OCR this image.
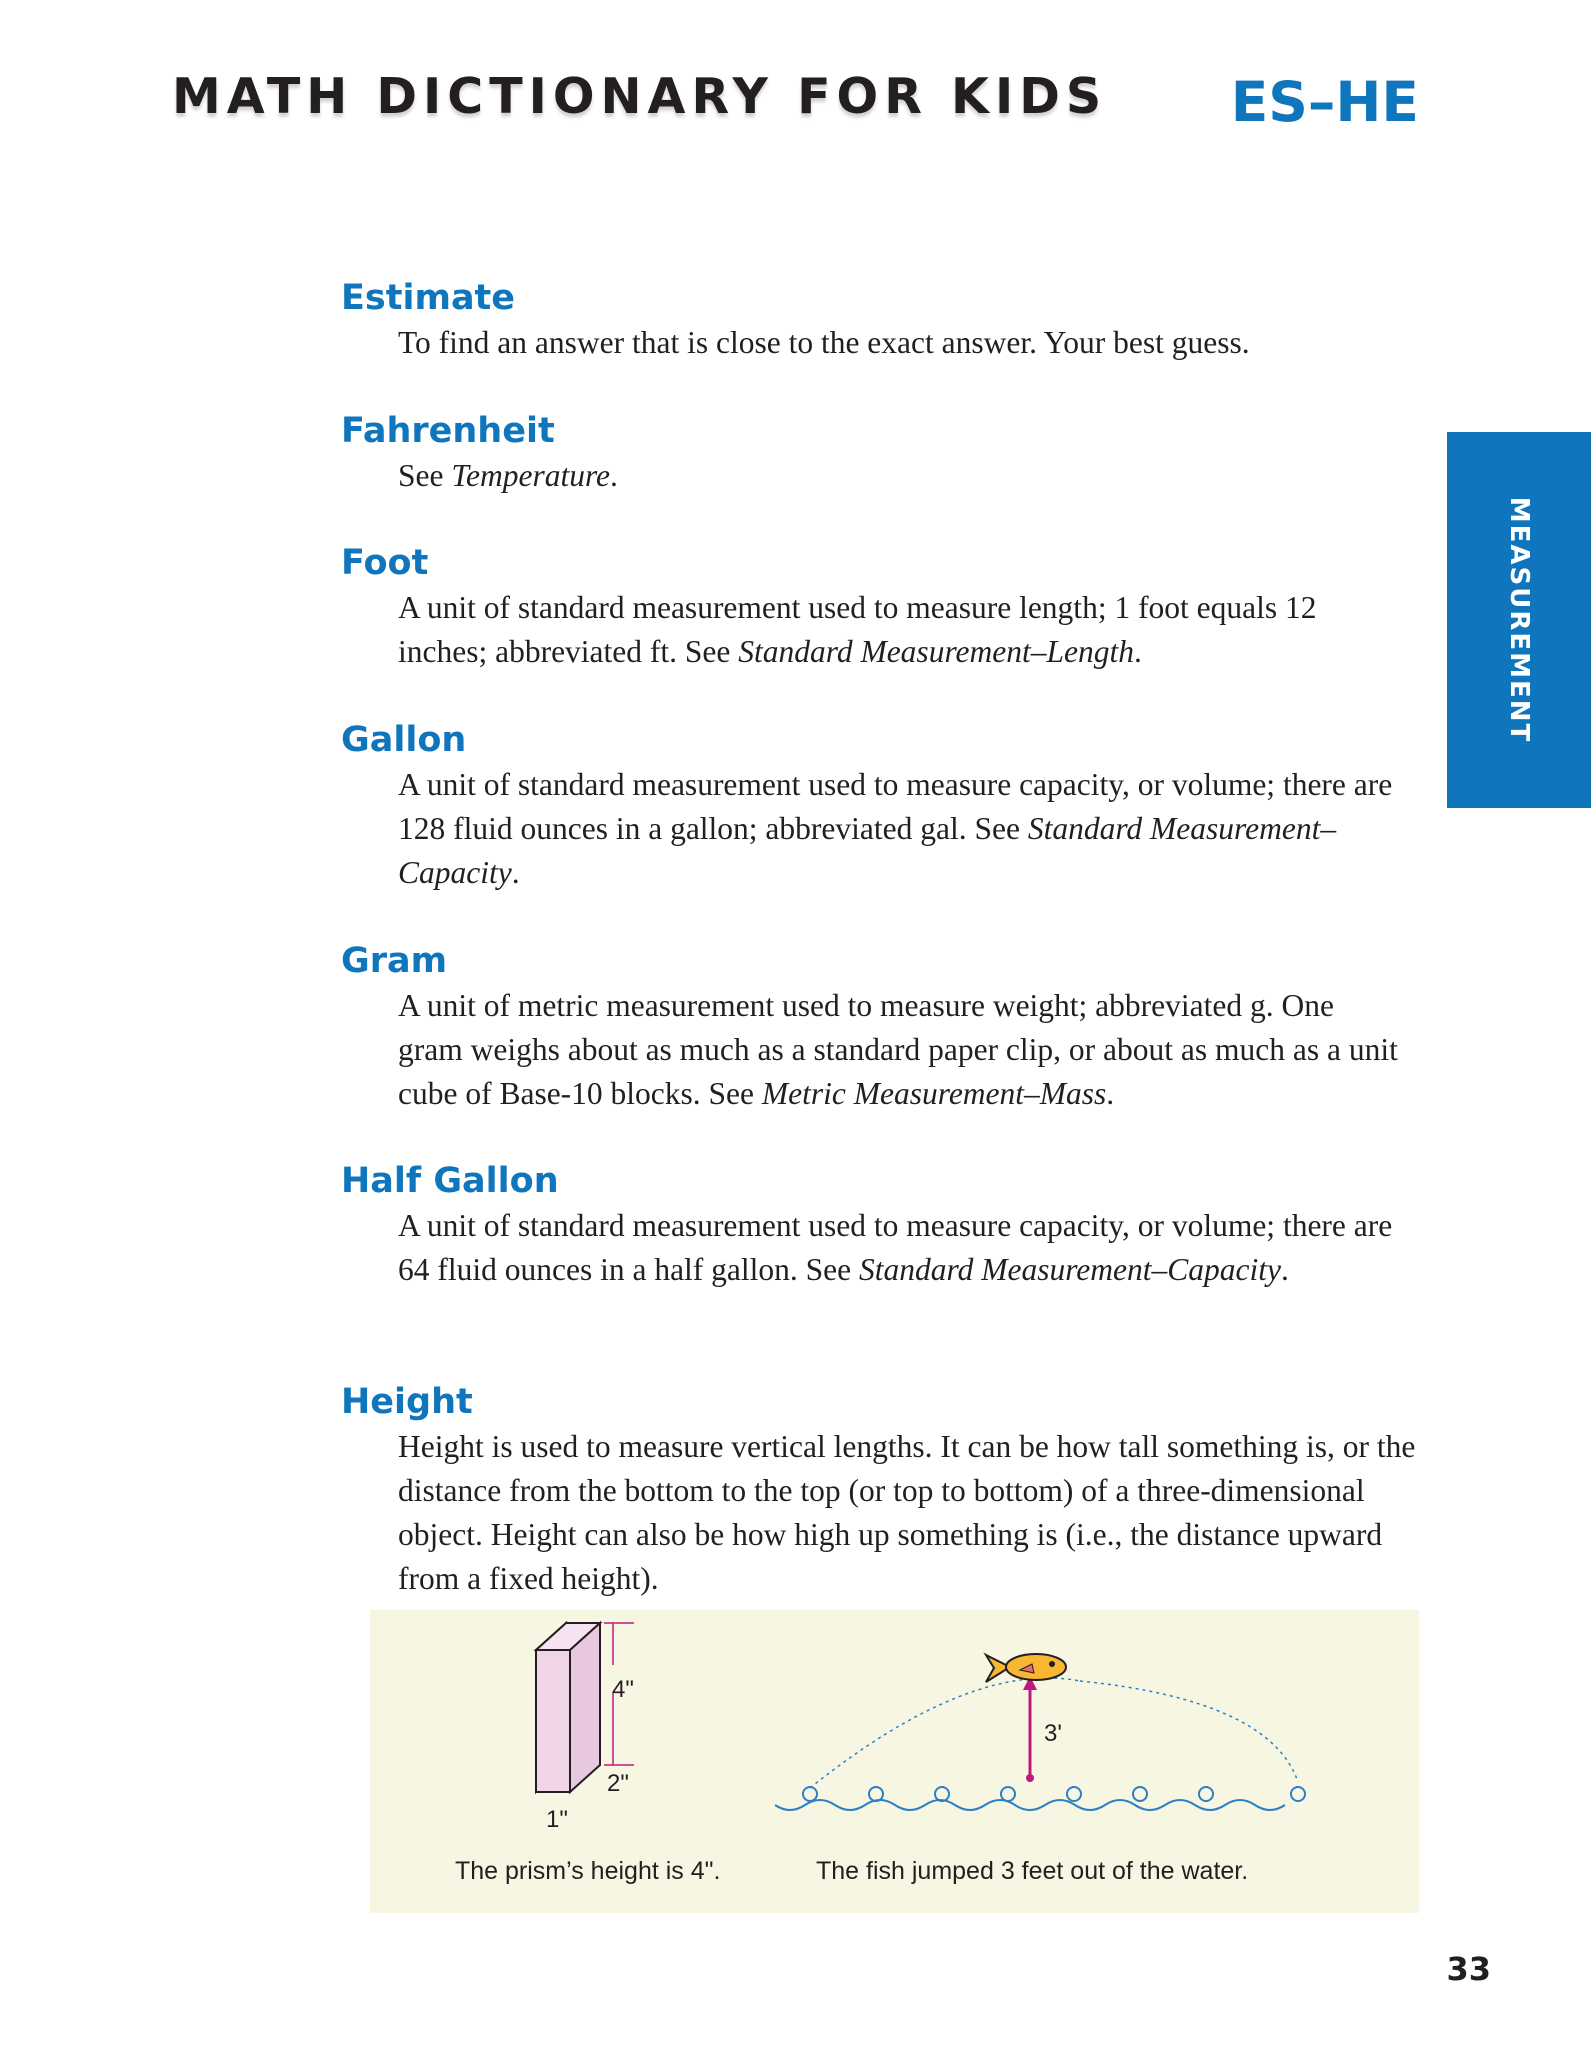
MATH DICTIONARY FOR KIDS ES–HE
MEASUREMENT
Estimate
To find an answer that is close to the exact answer. Your best guess.
Fahrenheit
See Temperature.
Foot
A unit of standard measurement used to measure length; 1 foot equals 12 inches; abbreviated ft. See Standard Measurement–Length.
Gallon
A unit of standard measurement used to measure capacity, or volume; there are 128 fluid ounces in a gallon; abbreviated gal. See Standard Measurement–Capacity.
Gram
A unit of metric measurement used to measure weight; abbreviated g. One gram weighs about as much as a standard paper clip, or about as much as a unit cube of Base-10 blocks. See Metric Measurement–Mass.
Half Gallon
A unit of standard measurement used to measure capacity, or volume; there are 64 fluid ounces in a half gallon. See Standard Measurement–Capacity.
Height
Height is used to measure vertical lengths. It can be how tall something is, or the distance from the bottom to the top (or top to bottom) of a three-dimensional object. Height can also be how high up something is (i.e., the distance upward from a fixed height).
4"
2"
1"
3'

The prism’s height is 4".	The fish jumped 3 feet out of the water.

33
